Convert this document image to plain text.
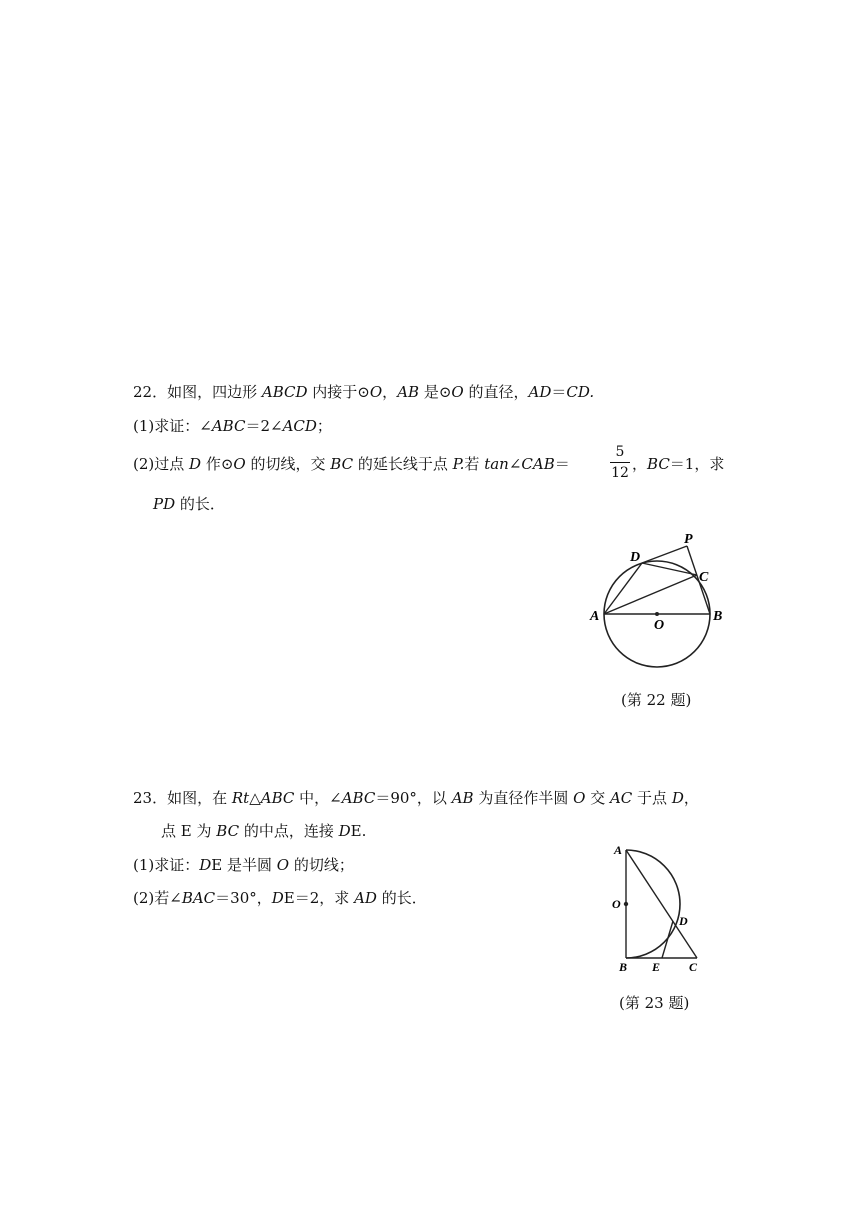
22．如图，四边形 ABCD 内接于⊙O，AB 是⊙O 的直径，AD＝CD.
(1)求证：∠ABC＝2∠ACD；
(2)过点 D 作⊙O 的切线，交 BC 的延长线于点 P.若 tan∠CAB＝
5
12 ，BC＝1，求
PD 的长．
A	B
C
D
O
P
(第 22 题)
23．如图，在 Rt△ABC 中，∠ABC＝90°，以 AB 为直径作半圆 O 交 AC 于点 D，
点 E 为 BC 的中点，连接 DE.
(1)求证：DE 是半圆 O 的切线；
(2)若∠BAC＝30°，DE＝2，求 AD 的长．
A
O
D
B E C
(第 23 题)
